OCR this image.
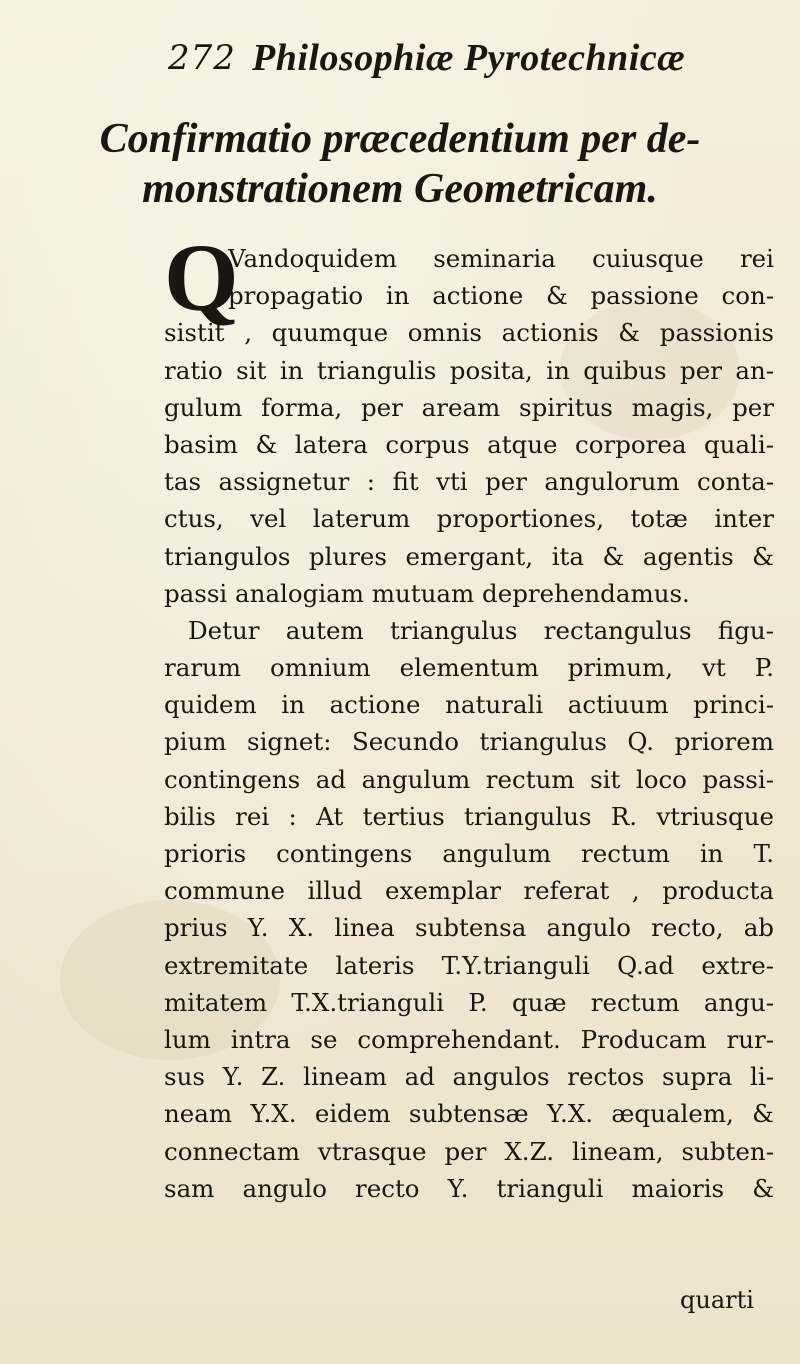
272 Philosophiæ Pyrotechnicæ
Confirmatio præcedentium per de-
monstrationem Geometricam.
Q
Vandoquidem seminaria cuiusque rei
propagatio in actione & passione con-
sistit , quumque omnis actionis & passionis
ratio sit in triangulis posita, in quibus per an-
gulum forma, per aream spiritus magis, per
basim & latera corpus atque corporea quali-
tas assignetur : fit vti per angulorum conta-
ctus, vel laterum proportiones, totæ inter
triangulos plures emergant, ita & agentis &
passi analogiam mutuam deprehendamus.
Detur autem triangulus rectangulus figu-
rarum omnium elementum primum, vt P.
quidem in actione naturali actiuum princi-
pium signet: Secundo triangulus Q. priorem
contingens ad angulum rectum sit loco passi-
bilis rei : At tertius triangulus R. vtriusque
prioris contingens angulum rectum in T.
commune illud exemplar referat , producta
prius Y. X. linea subtensa angulo recto, ab
extremitate lateris T.Y.trianguli Q.ad extre-
mitatem T.X.trianguli P. quæ rectum angu-
lum intra se comprehendant. Producam rur-
sus Y. Z. lineam ad angulos rectos supra li-
neam Y.X. eidem subtensæ Y.X. æqualem, &
connectam vtrasque per X.Z. lineam, subten-
sam angulo recto Y. trianguli maioris &
quarti
